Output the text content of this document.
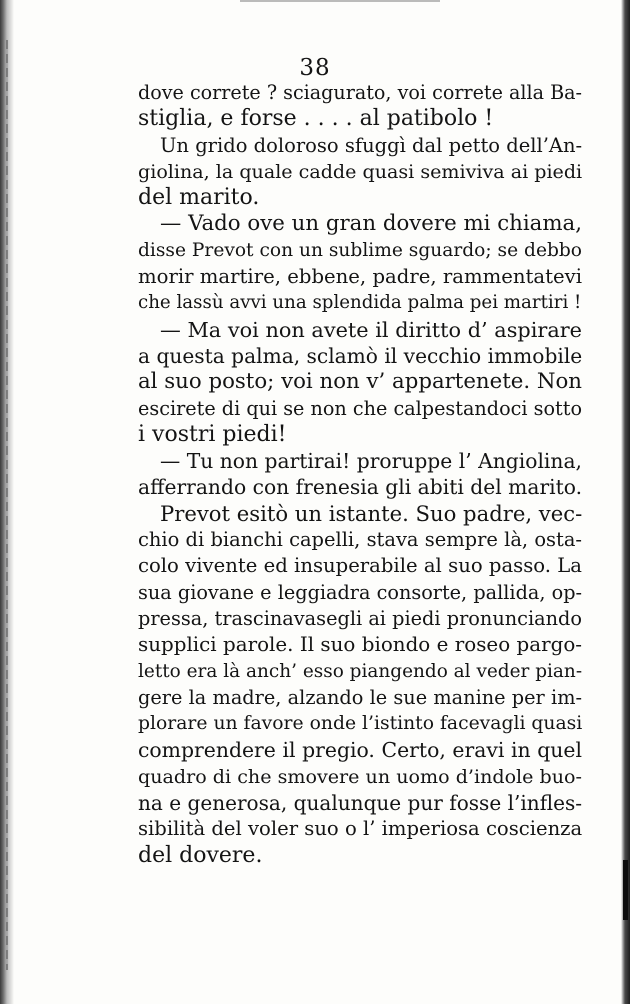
38
dove correte ? sciagurato, voi correte alla Ba-
stiglia, e forse . . . . al patibolo !
Un grido doloroso sfuggì dal petto dell’An-
giolina, la quale cadde quasi semiviva ai piedi
del marito.
— Vado ove un gran dovere mi chiama,
disse Prevot con un sublime sguardo; se debbo
morir martire, ebbene, padre, rammentatevi
che lassù avvi una splendida palma pei martiri !
— Ma voi non avete il diritto d’ aspirare
a questa palma, sclamò il vecchio immobile
al suo posto; voi non v’ appartenete. Non
escirete di qui se non che calpestandoci sotto
i vostri piedi!
— Tu non partirai! proruppe l’ Angiolina,
afferrando con frenesia gli abiti del marito.
Prevot esitò un istante. Suo padre, vec-
chio di bianchi capelli, stava sempre là, osta-
colo vivente ed insuperabile al suo passo. La
sua giovane e leggiadra consorte, pallida, op-
pressa, trascinavasegli ai piedi pronunciando
supplici parole. Il suo biondo e roseo pargo-
letto era là anch’ esso piangendo al veder pian-
gere la madre, alzando le sue manine per im-
plorare un favore onde l’istinto facevagli quasi
comprendere il pregio. Certo, eravi in quel
quadro di che smovere un uomo d’indole buo-
na e generosa, qualunque pur fosse l’infles-
sibilità del voler suo o l’ imperiosa coscienza
del dovere.
